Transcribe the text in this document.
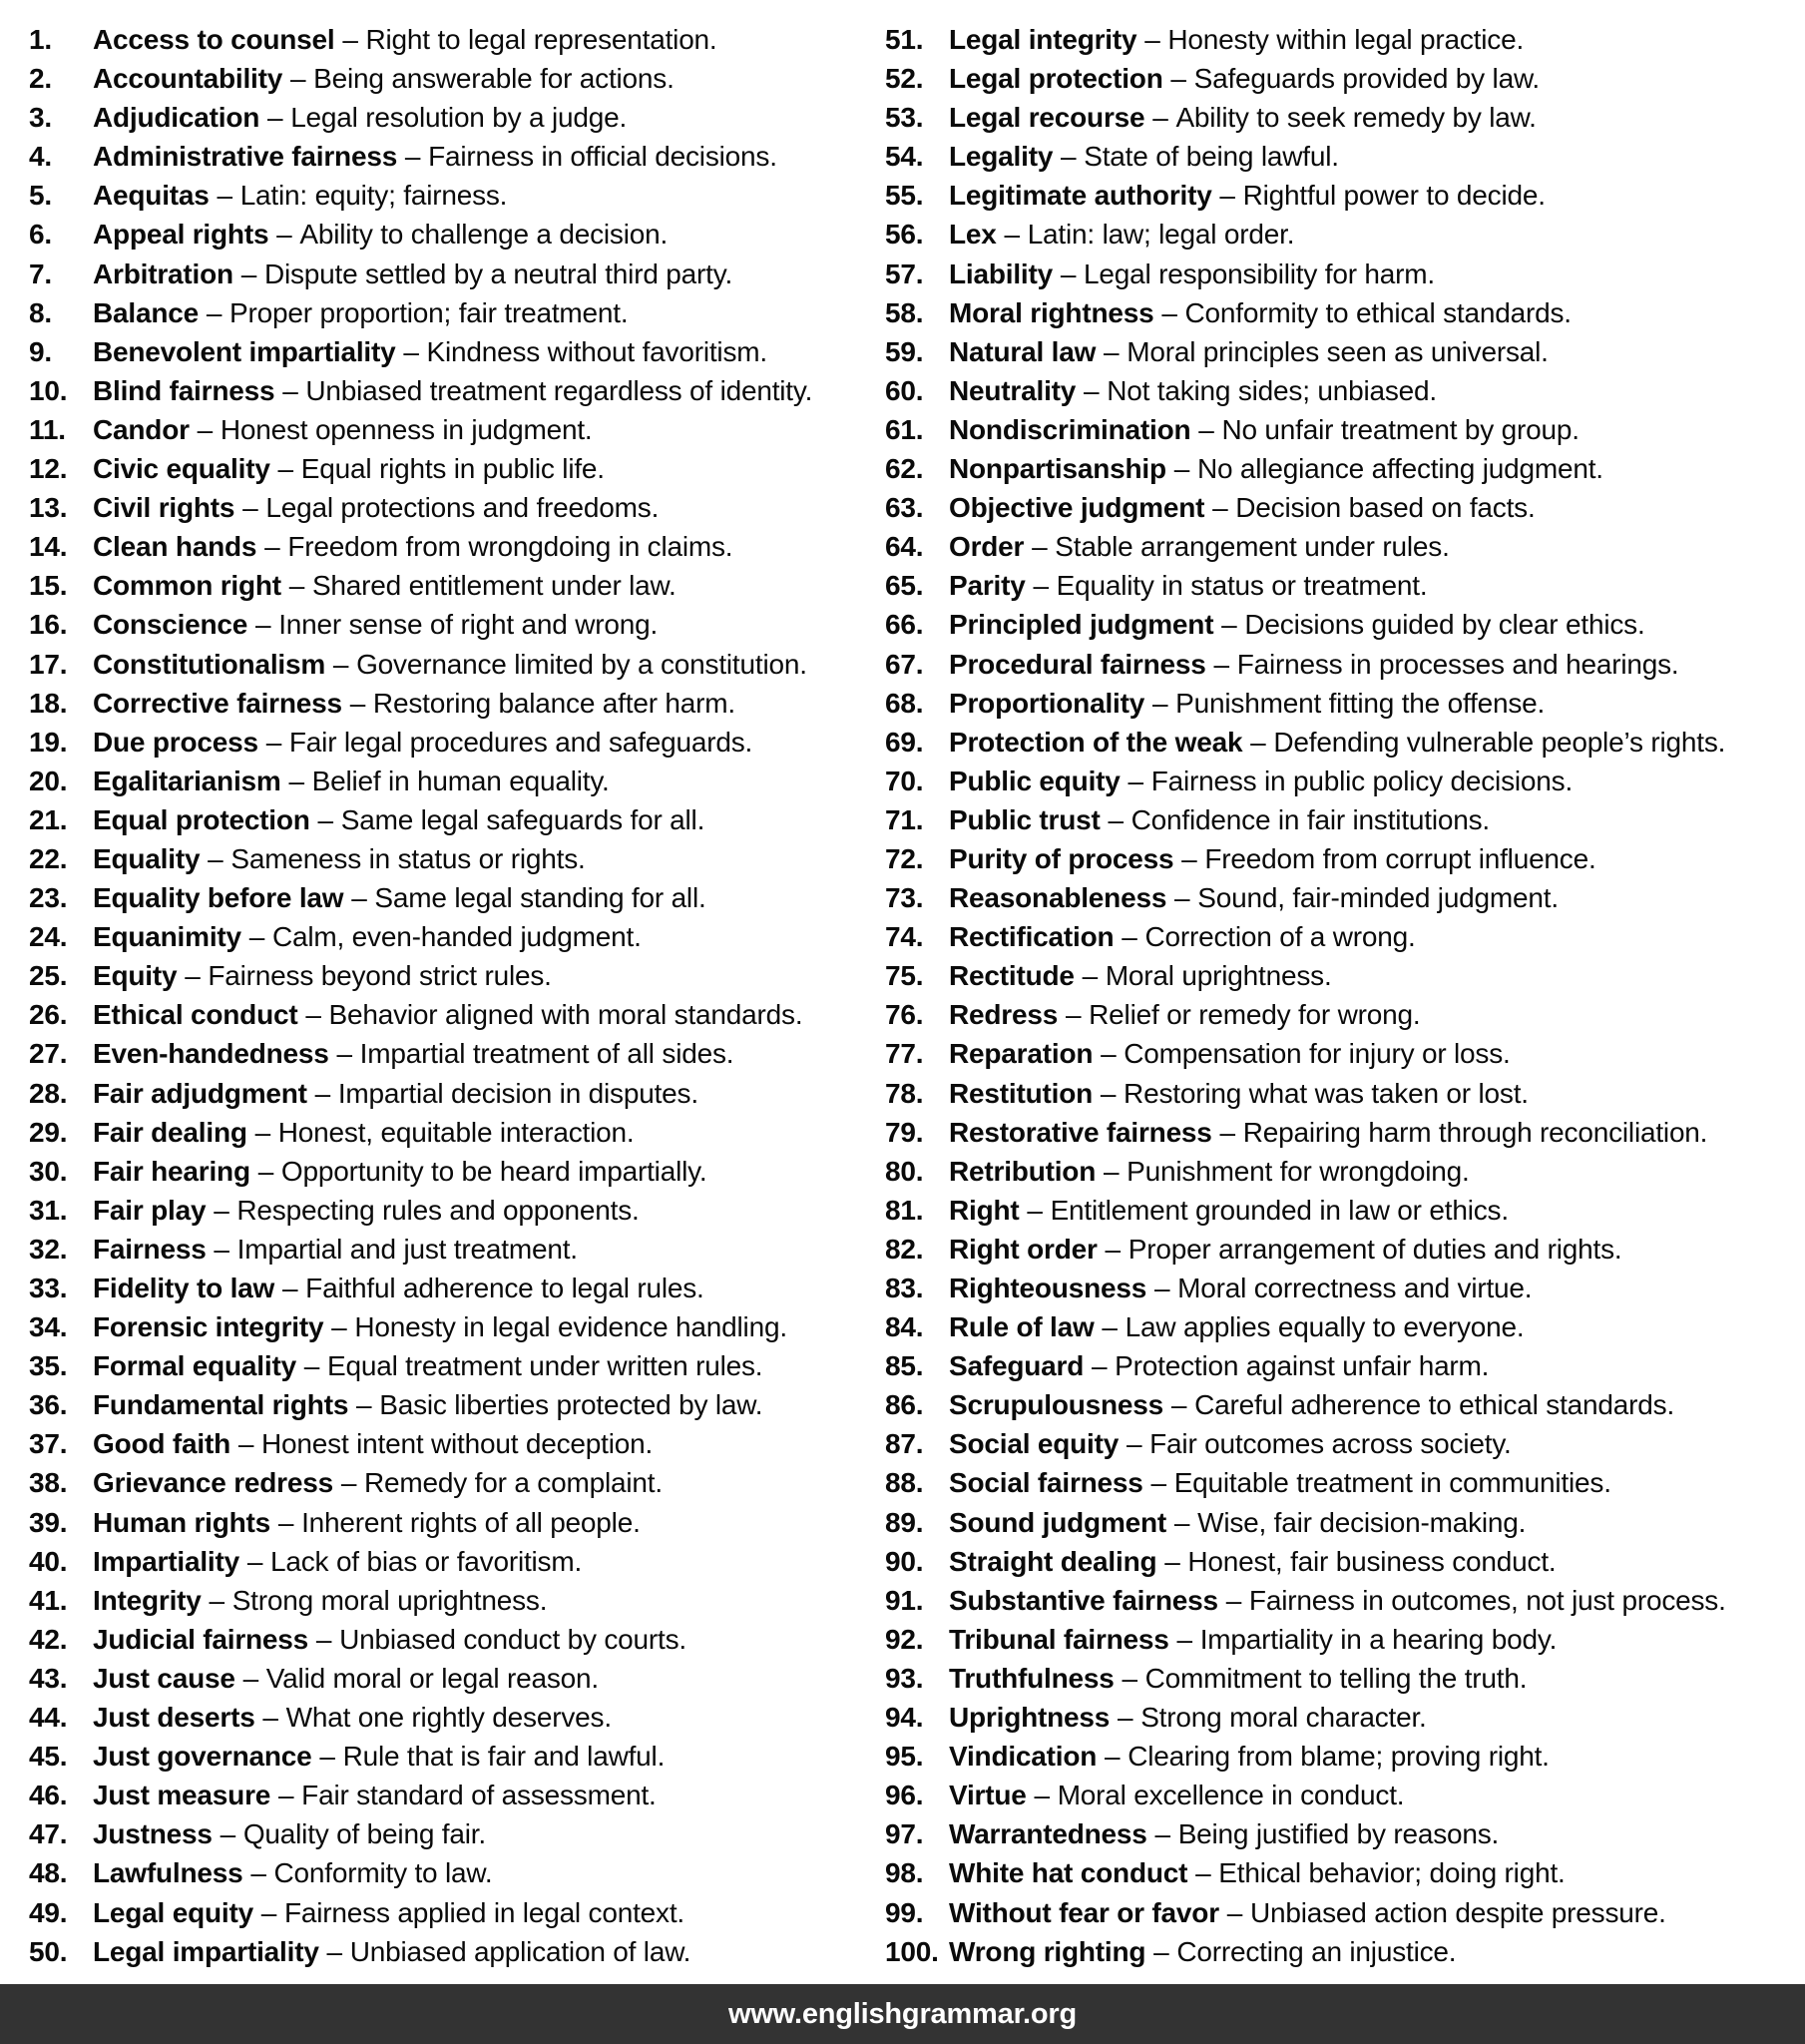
1.	Access to counsel – Right to legal representation.
2.	Accountability – Being answerable for actions.
3.	Adjudication – Legal resolution by a judge.
4.	Administrative fairness – Fairness in official decisions.
5.	Aequitas – Latin: equity; fairness.
6.	Appeal rights – Ability to challenge a decision.
7.	Arbitration – Dispute settled by a neutral third party.
8.	Balance – Proper proportion; fair treatment.
9.	Benevolent impartiality – Kindness without favoritism.
10. Blind fairness – Unbiased treatment regardless of identity.
11. Candor – Honest openness in judgment.
12. Civic equality – Equal rights in public life.
13. Civil rights – Legal protections and freedoms.
14. Clean hands – Freedom from wrongdoing in claims.
15. Common right – Shared entitlement under law.
16. Conscience – Inner sense of right and wrong.
17. Constitutionalism – Governance limited by a constitution.
18. Corrective fairness – Restoring balance after harm.
19. Due process – Fair legal procedures and safeguards.
20. Egalitarianism – Belief in human equality.
21. Equal protection – Same legal safeguards for all.
22. Equality – Sameness in status or rights.
23. Equality before law – Same legal standing for all.
24. Equanimity – Calm, even-handed judgment.
25. Equity – Fairness beyond strict rules.
26. Ethical conduct – Behavior aligned with moral standards.
27. Even-handedness – Impartial treatment of all sides.
28. Fair adjudgment – Impartial decision in disputes.
29. Fair dealing – Honest, equitable interaction.
30. Fair hearing – Opportunity to be heard impartially.
31. Fair play – Respecting rules and opponents.
32. Fairness – Impartial and just treatment.
33. Fidelity to law – Faithful adherence to legal rules.
34. Forensic integrity – Honesty in legal evidence handling.
35. Formal equality – Equal treatment under written rules.
36. Fundamental rights – Basic liberties protected by law.
37. Good faith – Honest intent without deception.
38. Grievance redress – Remedy for a complaint.
39. Human rights – Inherent rights of all people.
40. Impartiality – Lack of bias or favoritism.
41. Integrity – Strong moral uprightness.
42. Judicial fairness – Unbiased conduct by courts.
43. Just cause – Valid moral or legal reason.
44. Just deserts – What one rightly deserves.
45. Just governance – Rule that is fair and lawful.
46. Just measure – Fair standard of assessment.
47. Justness – Quality of being fair.
48. Lawfulness – Conformity to law.
49. Legal equity – Fairness applied in legal context.
50. Legal impartiality – Unbiased application of law.
51. Legal integrity – Honesty within legal practice.
52. Legal protection – Safeguards provided by law.
53. Legal recourse – Ability to seek remedy by law.
54. Legality – State of being lawful.
55. Legitimate authority – Rightful power to decide.
56. Lex – Latin: law; legal order.
57. Liability – Legal responsibility for harm.
58. Moral rightness – Conformity to ethical standards.
59. Natural law – Moral principles seen as universal.
60. Neutrality – Not taking sides; unbiased.
61. Nondiscrimination – No unfair treatment by group.
62. Nonpartisanship – No allegiance affecting judgment.
63. Objective judgment – Decision based on facts.
64. Order – Stable arrangement under rules.
65. Parity – Equality in status or treatment.
66. Principled judgment – Decisions guided by clear ethics.
67. Procedural fairness – Fairness in processes and hearings.
68. Proportionality – Punishment fitting the offense.
69. Protection of the weak – Defending vulnerable people’s rights.
70. Public equity – Fairness in public policy decisions.
71. Public trust – Confidence in fair institutions.
72. Purity of process – Freedom from corrupt influence.
73. Reasonableness – Sound, fair-minded judgment.
74. Rectification – Correction of a wrong.
75. Rectitude – Moral uprightness.
76. Redress – Relief or remedy for wrong.
77. Reparation – Compensation for injury or loss.
78. Restitution – Restoring what was taken or lost.
79. Restorative fairness – Repairing harm through reconciliation.
80. Retribution – Punishment for wrongdoing.
81. Right – Entitlement grounded in law or ethics.
82. Right order – Proper arrangement of duties and rights.
83. Righteousness – Moral correctness and virtue.
84. Rule of law – Law applies equally to everyone.
85. Safeguard – Protection against unfair harm.
86. Scrupulousness – Careful adherence to ethical standards.
87. Social equity – Fair outcomes across society.
88. Social fairness – Equitable treatment in communities.
89. Sound judgment – Wise, fair decision-making.
90. Straight dealing – Honest, fair business conduct.
91. Substantive fairness – Fairness in outcomes, not just process.
92. Tribunal fairness – Impartiality in a hearing body.
93. Truthfulness – Commitment to telling the truth.
94. Uprightness – Strong moral character.
95. Vindication – Clearing from blame; proving right.
96. Virtue – Moral excellence in conduct.
97. Warrantedness – Being justified by reasons.
98. White hat conduct – Ethical behavior; doing right.
99. Without fear or favor – Unbiased action despite pressure.
100. Wrong righting – Correcting an injustice.
www.englishgrammar.org
